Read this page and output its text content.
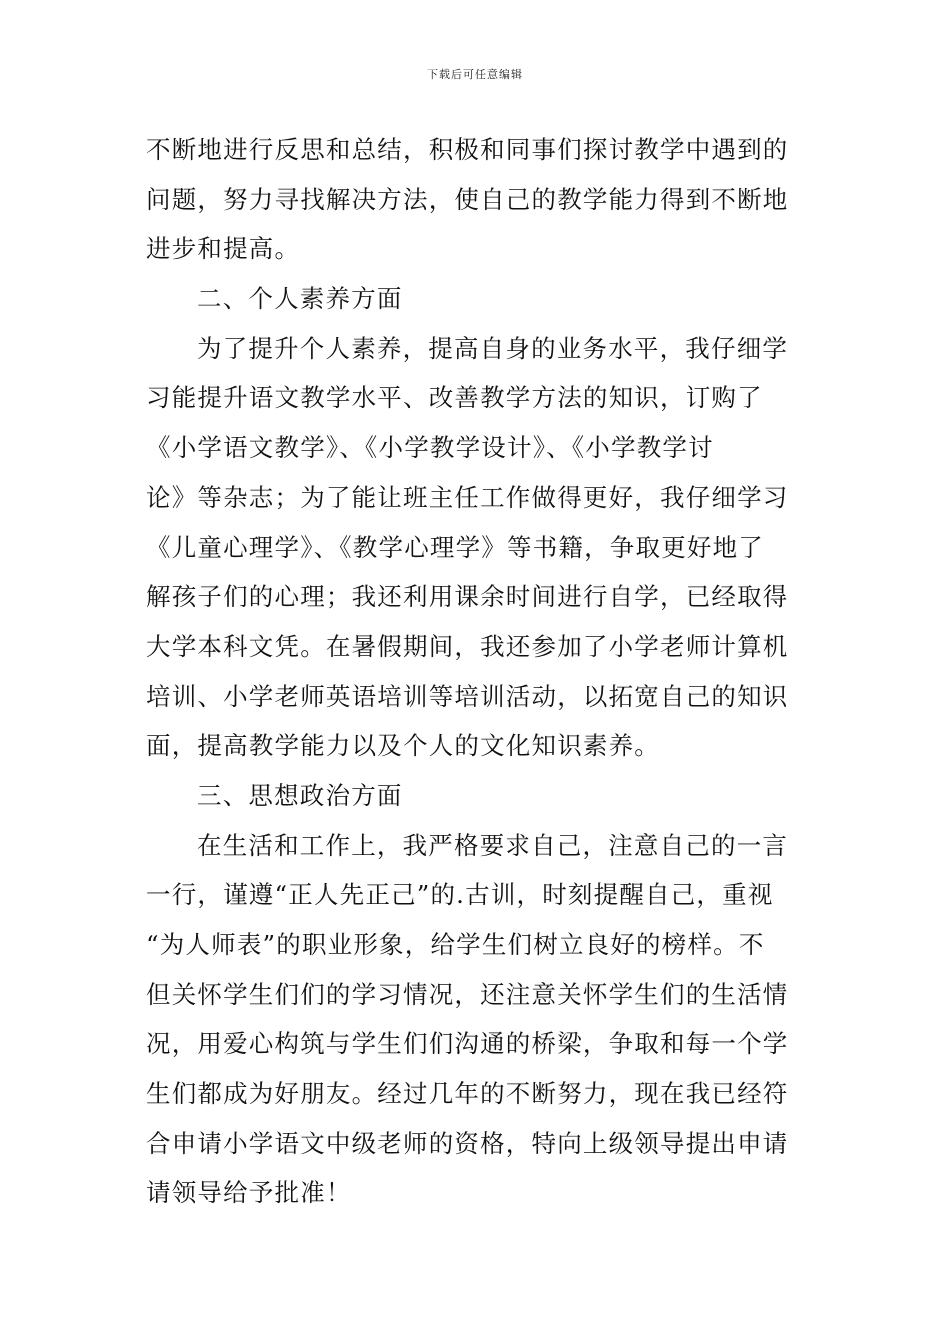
下载后可任意编辑
不断地进行反思和总结，积极和同事们探讨教学中遇到的
问题，努力寻找解决方法，使自己的教学能力得到不断地
进步和提高。
二、个人素养方面
为了提升个人素养，提高自身的业务水平，我仔细学
习能提升语文教学水平、改善教学方法的知识，订购了
《小学语文教学》、《小学教学设计》、《小学教学讨
论》等杂志；为了能让班主任工作做得更好，我仔细学习
《儿童心理学》、《教学心理学》等书籍，争取更好地了
解孩子们的心理；我还利用课余时间进行自学，已经取得
大学本科文凭。在暑假期间，我还参加了小学老师计算机
培训、小学老师英语培训等培训活动，以拓宽自己的知识
面，提高教学能力以及个人的文化知识素养。
三、思想政治方面
在生活和工作上，我严格要求自己，注意自己的一言
一行，谨遵“正人先正己”的.古训，时刻提醒自己，重视
“为人师表”的职业形象，给学生们树立良好的榜样。不
但关怀学生们们的学习情况，还注意关怀学生们的生活情
况，用爱心构筑与学生们们沟通的桥梁，争取和每一个学
生们都成为好朋友。经过几年的不断努力，现在我已经符
合申请小学语文中级老师的资格，特向上级领导提出申请
请领导给予批准！
